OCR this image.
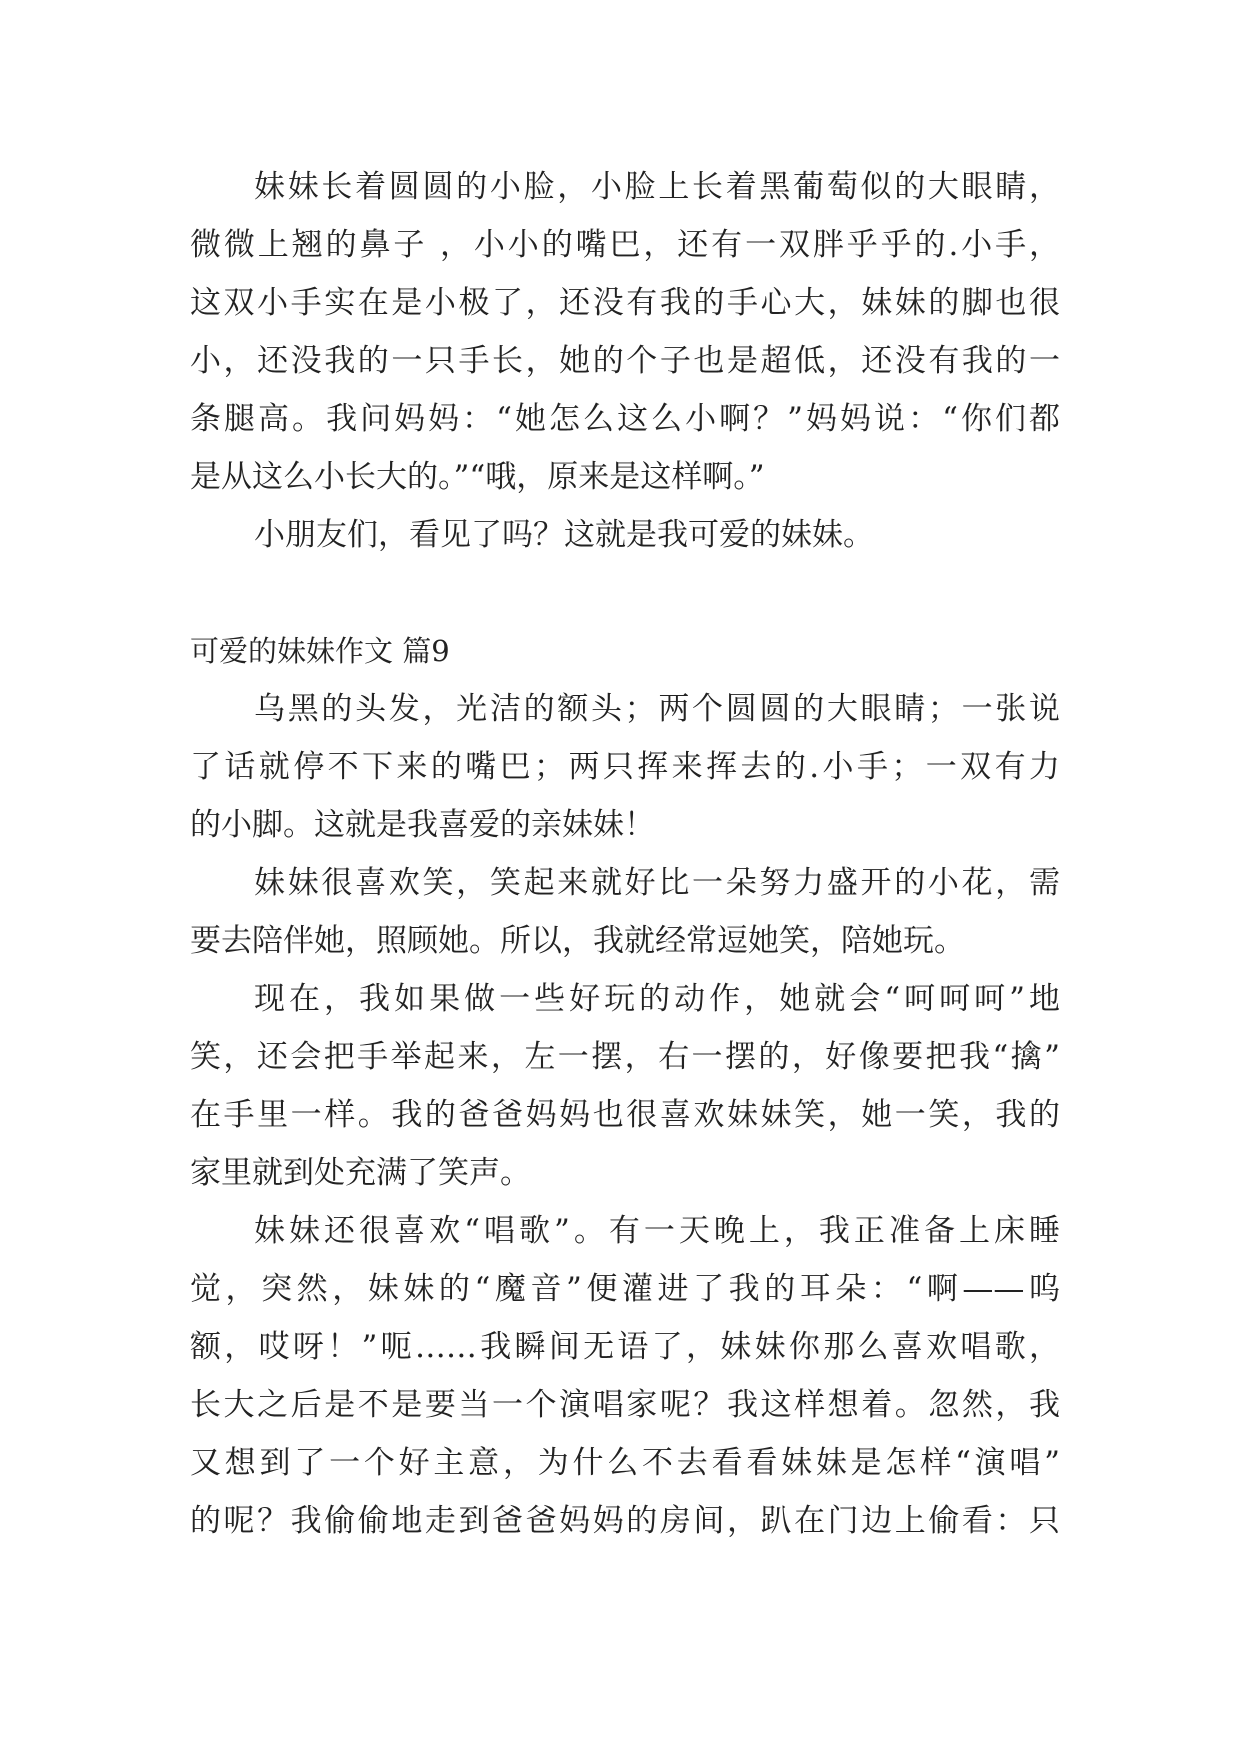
妹妹长着圆圆的小脸，小脸上长着黑葡萄似的大眼睛，
微微上翘的鼻子 ，小小的嘴巴，还有一双胖乎乎的.小手，
这双小手实在是小极了，还没有我的手心大，妹妹的脚也很
小，还没我的一只手长，她的个子也是超低，还没有我的一
条腿高。我问妈妈：“她怎么这么小啊？”妈妈说：“你们都
是从这么小长大的。”“哦，原来是这样啊。”
小朋友们，看见了吗？这就是我可爱的妹妹。
可爱的妹妹作文 篇9
乌黑的头发，光洁的额头；两个圆圆的大眼睛；一张说
了话就停不下来的嘴巴；两只挥来挥去的.小手；一双有力
的小脚。这就是我喜爱的亲妹妹！
妹妹很喜欢笑，笑起来就好比一朵努力盛开的小花，需
要去陪伴她，照顾她。所以，我就经常逗她笑，陪她玩。
现在，我如果做一些好玩的动作，她就会“呵呵呵”地
笑，还会把手举起来，左一摆，右一摆的，好像要把我“擒”
在手里一样。我的爸爸妈妈也很喜欢妹妹笑，她一笑，我的
家里就到处充满了笑声。
妹妹还很喜欢“唱歌”。有一天晚上，我正准备上床睡
觉，突然，妹妹的“魔音”便灌进了我的耳朵：“啊——呜
额，哎呀！”呃……我瞬间无语了，妹妹你那么喜欢唱歌，
长大之后是不是要当一个演唱家呢？我这样想着。忽然，我
又想到了一个好主意，为什么不去看看妹妹是怎样“演唱”
的呢？我偷偷地走到爸爸妈妈的房间，趴在门边上偷看：只
